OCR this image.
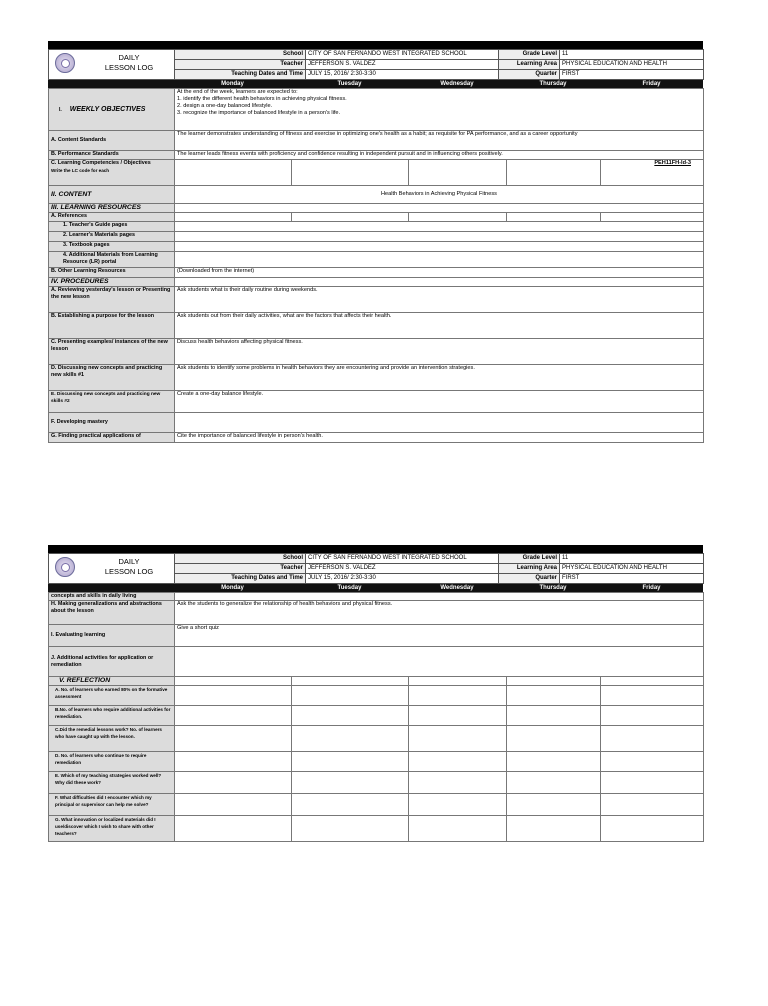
DAILY
LESSON LOG	School	CITY OF SAN FERNANDO WEST INTEGRATED SCHOOL	Grade Level	11
	Teacher	JEFFERSON S. VALDEZ	Learning Area	PHYSICAL EDUCATION AND HEALTH
	Teaching Dates and Time	JULY 15, 2016/ 2:30-3:30	Quarter	FIRST
Monday	Tuesday	Wednesday	Thursday	Friday
I. WEEKLY OBJECTIVES	At the end of the week, learners are expected to:
1. identify the different health behaviors in achieving physical fitness.
2. design a one-day balanced lifestyle.
3. recognize the importance of balanced lifestyle in a person's life.				

A. Content Standards	The learner demonstrates understanding of fitness and exercise in optimizing one's health as a habit; as requisite for PA performance, and as a career opportunity				
B. Performance Standards	The learner leads fitness events with proficiency and confidence resulting in independent pursuit and in influencing others positively.				

C. Learning Competencies / Objectives
Write the LC code for each					PEH11FH-Id-3
II. CONTENT	Health Behaviors in Achieving Physical Fitness				
III. LEARNING RESOURCES					
A. References					
1. Teacher's Guide pages					
2. Learner's Materials pages					
3. Textbook pages					
4. Additional Materials from Learning Resource (LR) portal					
B. Other Learning Resources	(Downloaded from the internet)				
IV. PROCEDURES					
A. Reviewing yesterday's lesson or Presenting the new lesson	Ask students what is their daily routine during weekends.				
B. Establishing a purpose for the lesson	Ask students out from their daily activities, what are the factors that affects their health.				
C. Presenting examples/ instances of the new lesson	Discuss health behaviors affecting physical fitness.				
D. Discussing new concepts and practicing new skills #1	Ask students to identify some problems in health behaviors they are encountering and provide an intervention strategies.				
E. Discussing new concepts and practicing new skills #2	Create a one-day balance lifestyle.				
F. Developing mastery					
G. Finding practical applications of	Cite the importance of balanced lifestyle in person's health.				
DAILY
LESSON LOG	School	CITY OF SAN FERNANDO WEST INTEGRATED SCHOOL	Grade Level	11
	Teacher	JEFFERSON S. VALDEZ	Learning Area	PHYSICAL EDUCATION AND HEALTH
	Teaching Dates and Time	JULY 15, 2016/ 2:30-3:30	Quarter	FIRST
Monday	Tuesday	Wednesday	Thursday	Friday
concepts and skills in daily living					
H. Making generalizations and abstractions about the lesson	Ask the students to generalize the relationship of health behaviors and physical fitness.				
I. Evaluating learning	Give a short quiz				
J. Additional activities for application or remediation					
V. REFLECTION					
A. No. of learners who earned 80% on the formative assessment					
B.No. of learners who require additional activities for remediation.					
C.Did the remedial lessons work? No. of learners who have caught up with the lesson.					
D. No. of learners who continue to require remediation					
E. Which of my teaching strategies worked well? Why did these work?					
F. What difficulties did I encounter which my principal or supervisor can help me solve?					
G. What innovation or localized materials did I use/discover which I wish to share with other teachers?					
